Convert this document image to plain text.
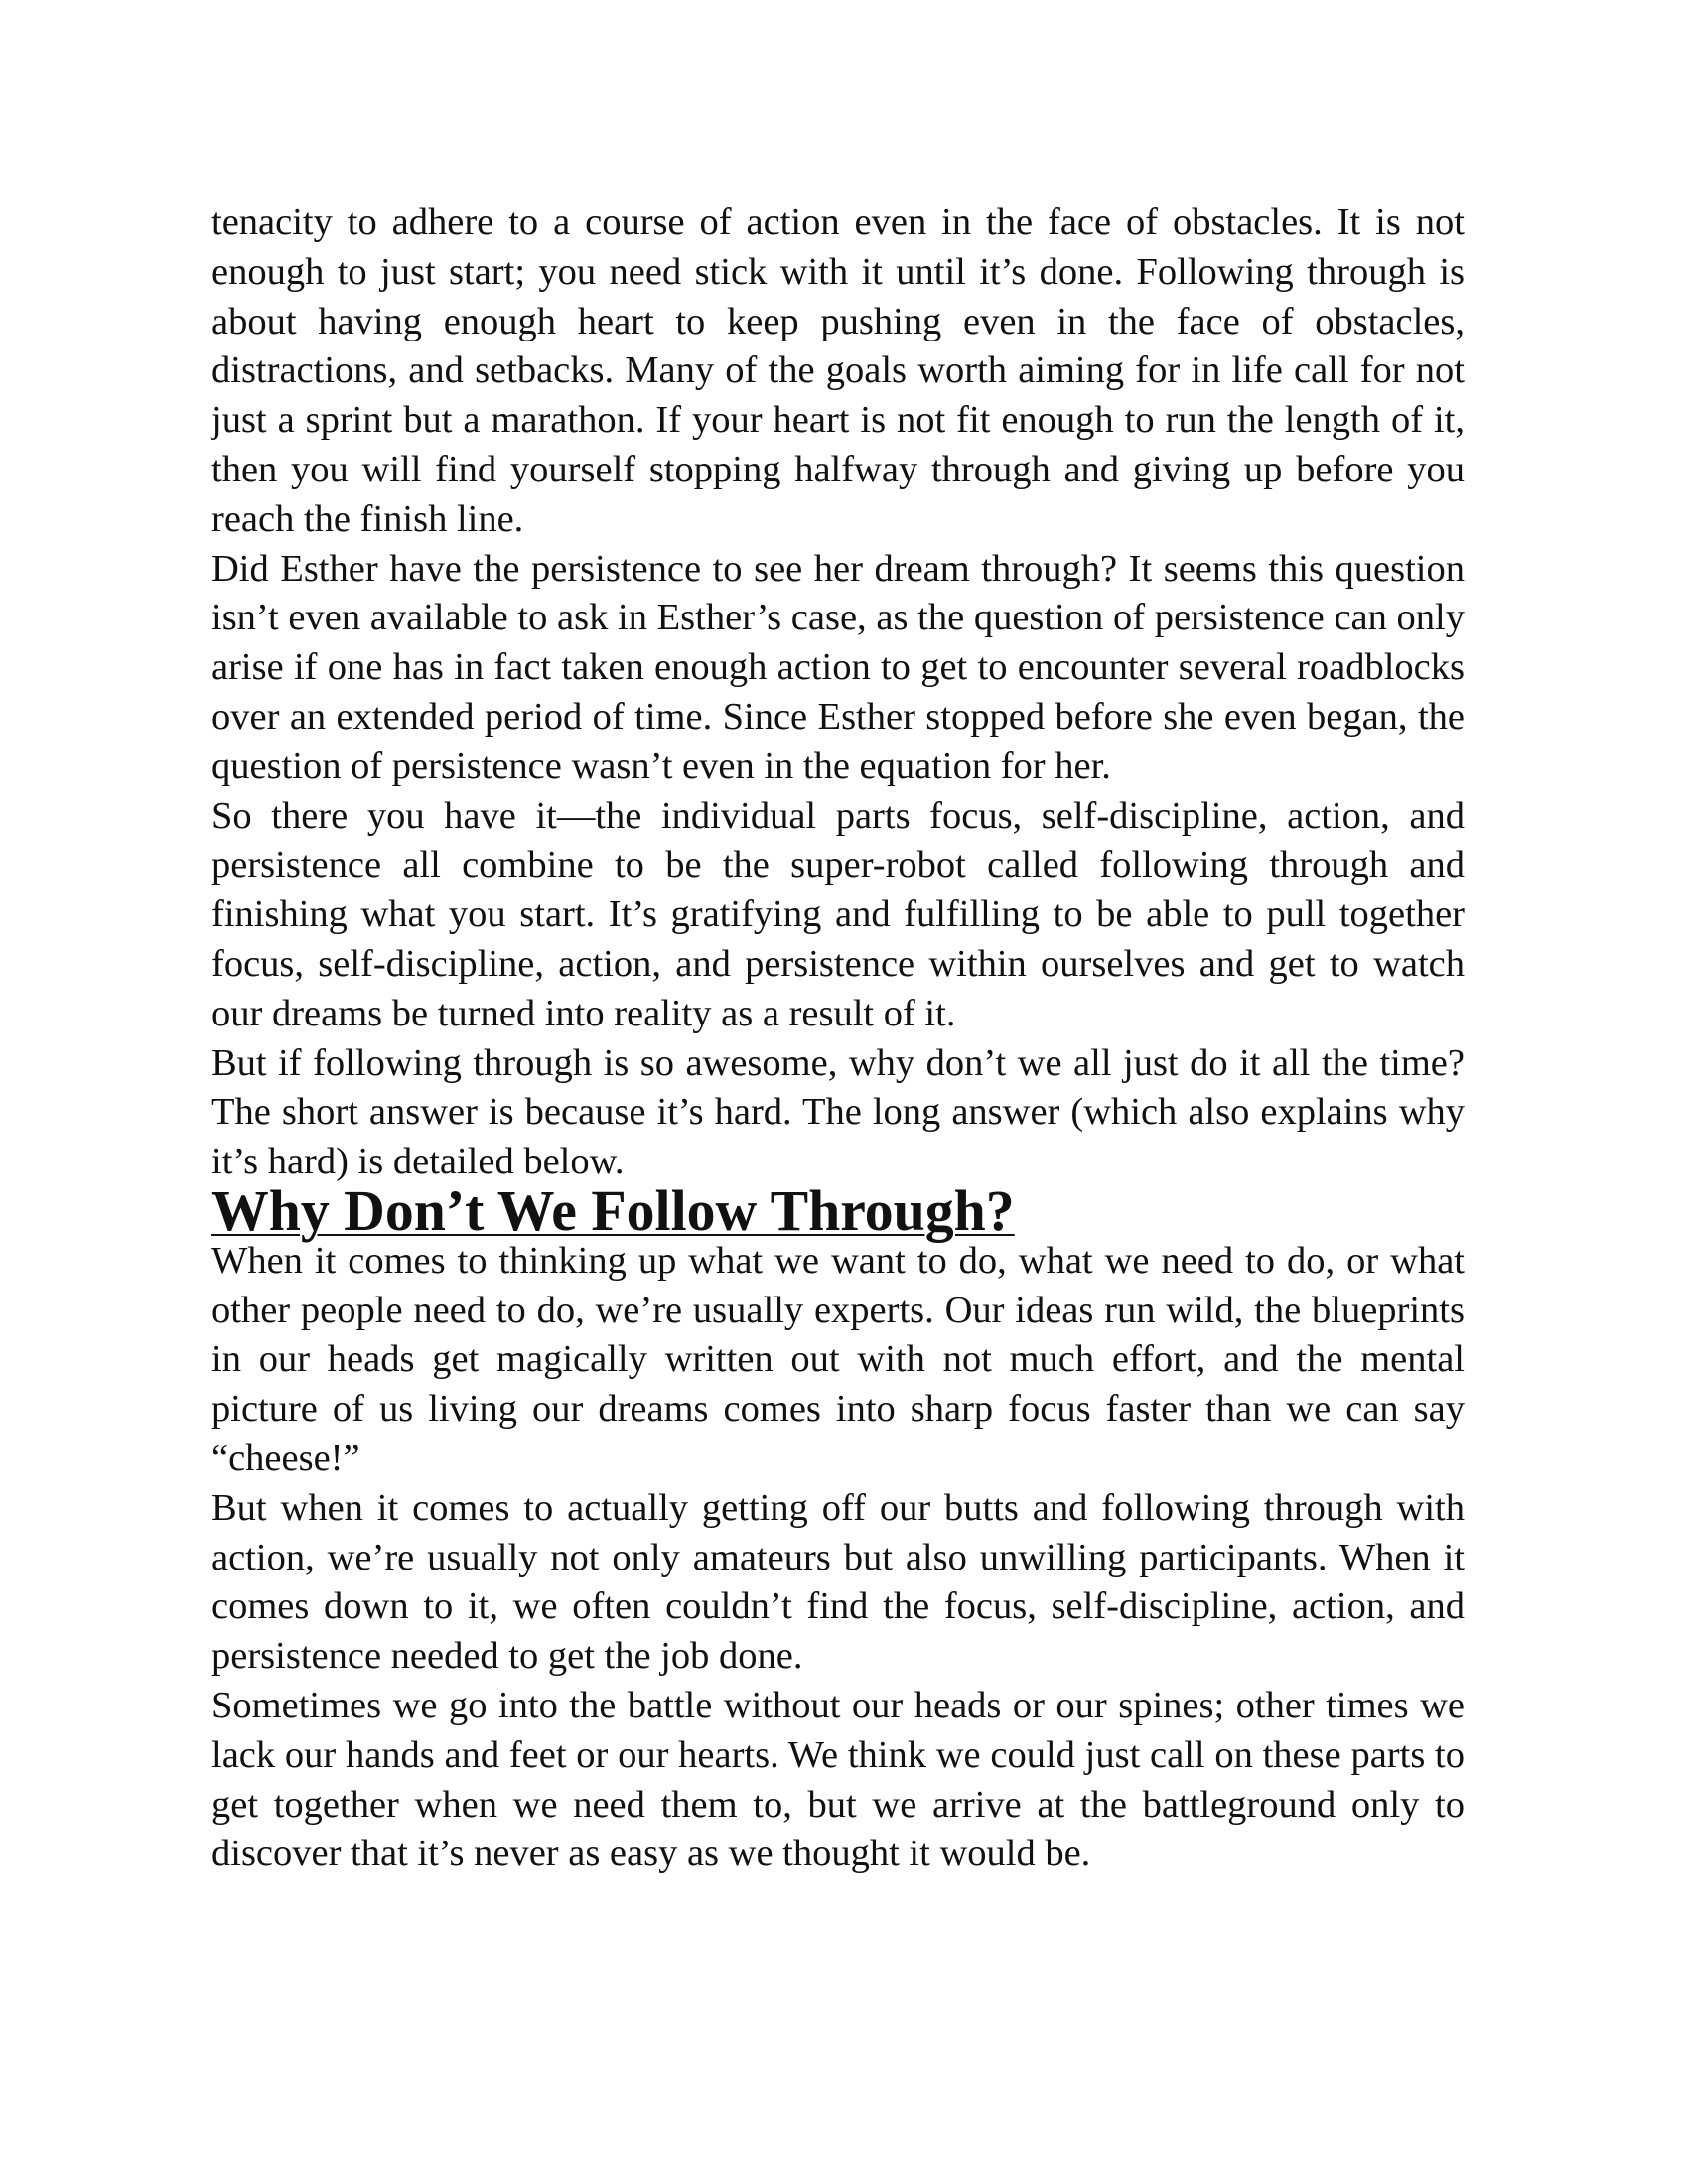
tenacity to adhere to a course of action even in the face of obstacles. It is not enough to just start; you need stick with it until it’s done. Following through is about having enough heart to keep pushing even in the face of obstacles, distractions, and setbacks. Many of the goals worth aiming for in life call for not just a sprint but a marathon. If your heart is not fit enough to run the length of it, then you will find yourself stopping halfway through and giving up before you reach the finish line.

Did Esther have the persistence to see her dream through? It seems this question isn’t even available to ask in Esther’s case, as the question of persistence can only arise if one has in fact taken enough action to get to encounter several roadblocks over an extended period of time. Since Esther stopped before she even began, the question of persistence wasn’t even in the equation for her.

So there you have it—the individual parts focus, self-discipline, action, and persistence all combine to be the super-robot called following through and finishing what you start. It’s gratifying and fulfilling to be able to pull together focus, self-discipline, action, and persistence within ourselves and get to watch our dreams be turned into reality as a result of it.

But if following through is so awesome, why don’t we all just do it all the time? The short answer is because it’s hard. The long answer (which also explains why it’s hard) is detailed below.

Why Don’t We Follow Through?

When it comes to thinking up what we want to do, what we need to do, or what other people need to do, we’re usually experts. Our ideas run wild, the blueprints in our heads get magically written out with not much effort, and the mental picture of us living our dreams comes into sharp focus faster than we can say “cheese!”

But when it comes to actually getting off our butts and following through with action, we’re usually not only amateurs but also unwilling participants. When it comes down to it, we often couldn’t find the focus, self-discipline, action, and persistence needed to get the job done.

Sometimes we go into the battle without our heads or our spines; other times we lack our hands and feet or our hearts. We think we could just call on these parts to get together when we need them to, but we arrive at the battleground only to discover that it’s never as easy as we thought it would be.
